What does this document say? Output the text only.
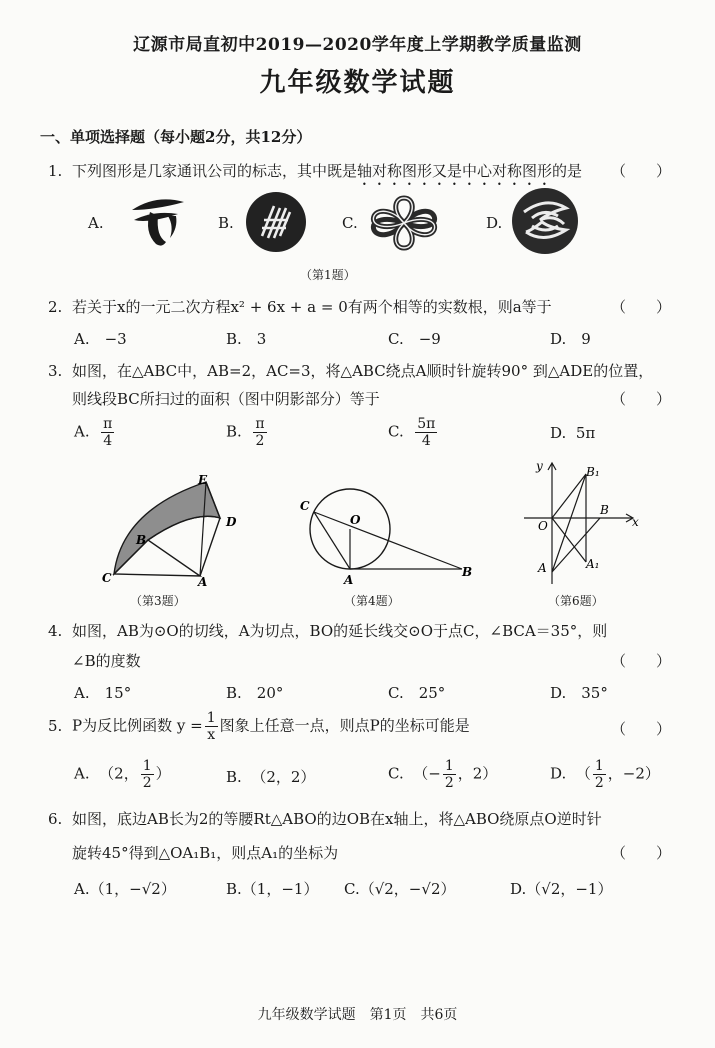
辽源市局直初中2019—2020学年度上学期教学质量监测
九年级数学试题
一、单项选择题（每小题2分，共12分）
1. 下列图形是几家通讯公司的标志，其中既是轴对称图形又是中心对称图形的是 （　　）
A.	B.	C.	D.
（第1题）
2. 若关于x的一元二次方程x² + 6x + a = 0有两个相等的实数根，则a等于	（　　）
A.　−3	B.　3	C.　−9	D.　9
3. 如图，在△ABC中，AB=2，AC=3，将△ABC绕点A顺时针旋转90° 到△ADE的位置，
则线段BC所扫过的面积（图中阴影部分）等于	（　　）
A. $\frac{\pi}{4}$	B. $\frac{\pi}{2}$	C. $\frac{5\pi}{4}$	D. 5π
E
D
B
C	A
（第3题）
C
O
A
B
（第4题）
y	B₁
O
B
x
A	A₁
（第6题）
4. 如图，AB为⊙O的切线，A为切点，BO的延长线交⊙O于点C，∠BCA＝35°，则
∠B的度数	（　　）
A.　15°	B.　20°	C.　25°	D.　35°
5. P为反比例函数 $y = \frac{1}{x}$ 图象上任意一点，则点P的坐标可能是	（　　）
A. （2， $\frac{1}{2}$ ）	B. （2，2）	C. （− $\frac{1}{2}$ ，2）	D. （ $\frac{1}{2}$ ，−2）
6. 如图，底边AB长为2的等腰Rt△ABO的边OB在x轴上，将△ABO绕原点O逆时针
旋转45°得到△OA₁B₁，则点A₁的坐标为	（　　）
A.（1，−√2）	B.（1，−1） C.（√2，−√2）	D.（√2，−1）
九年级数学试题　第1页　共6页
